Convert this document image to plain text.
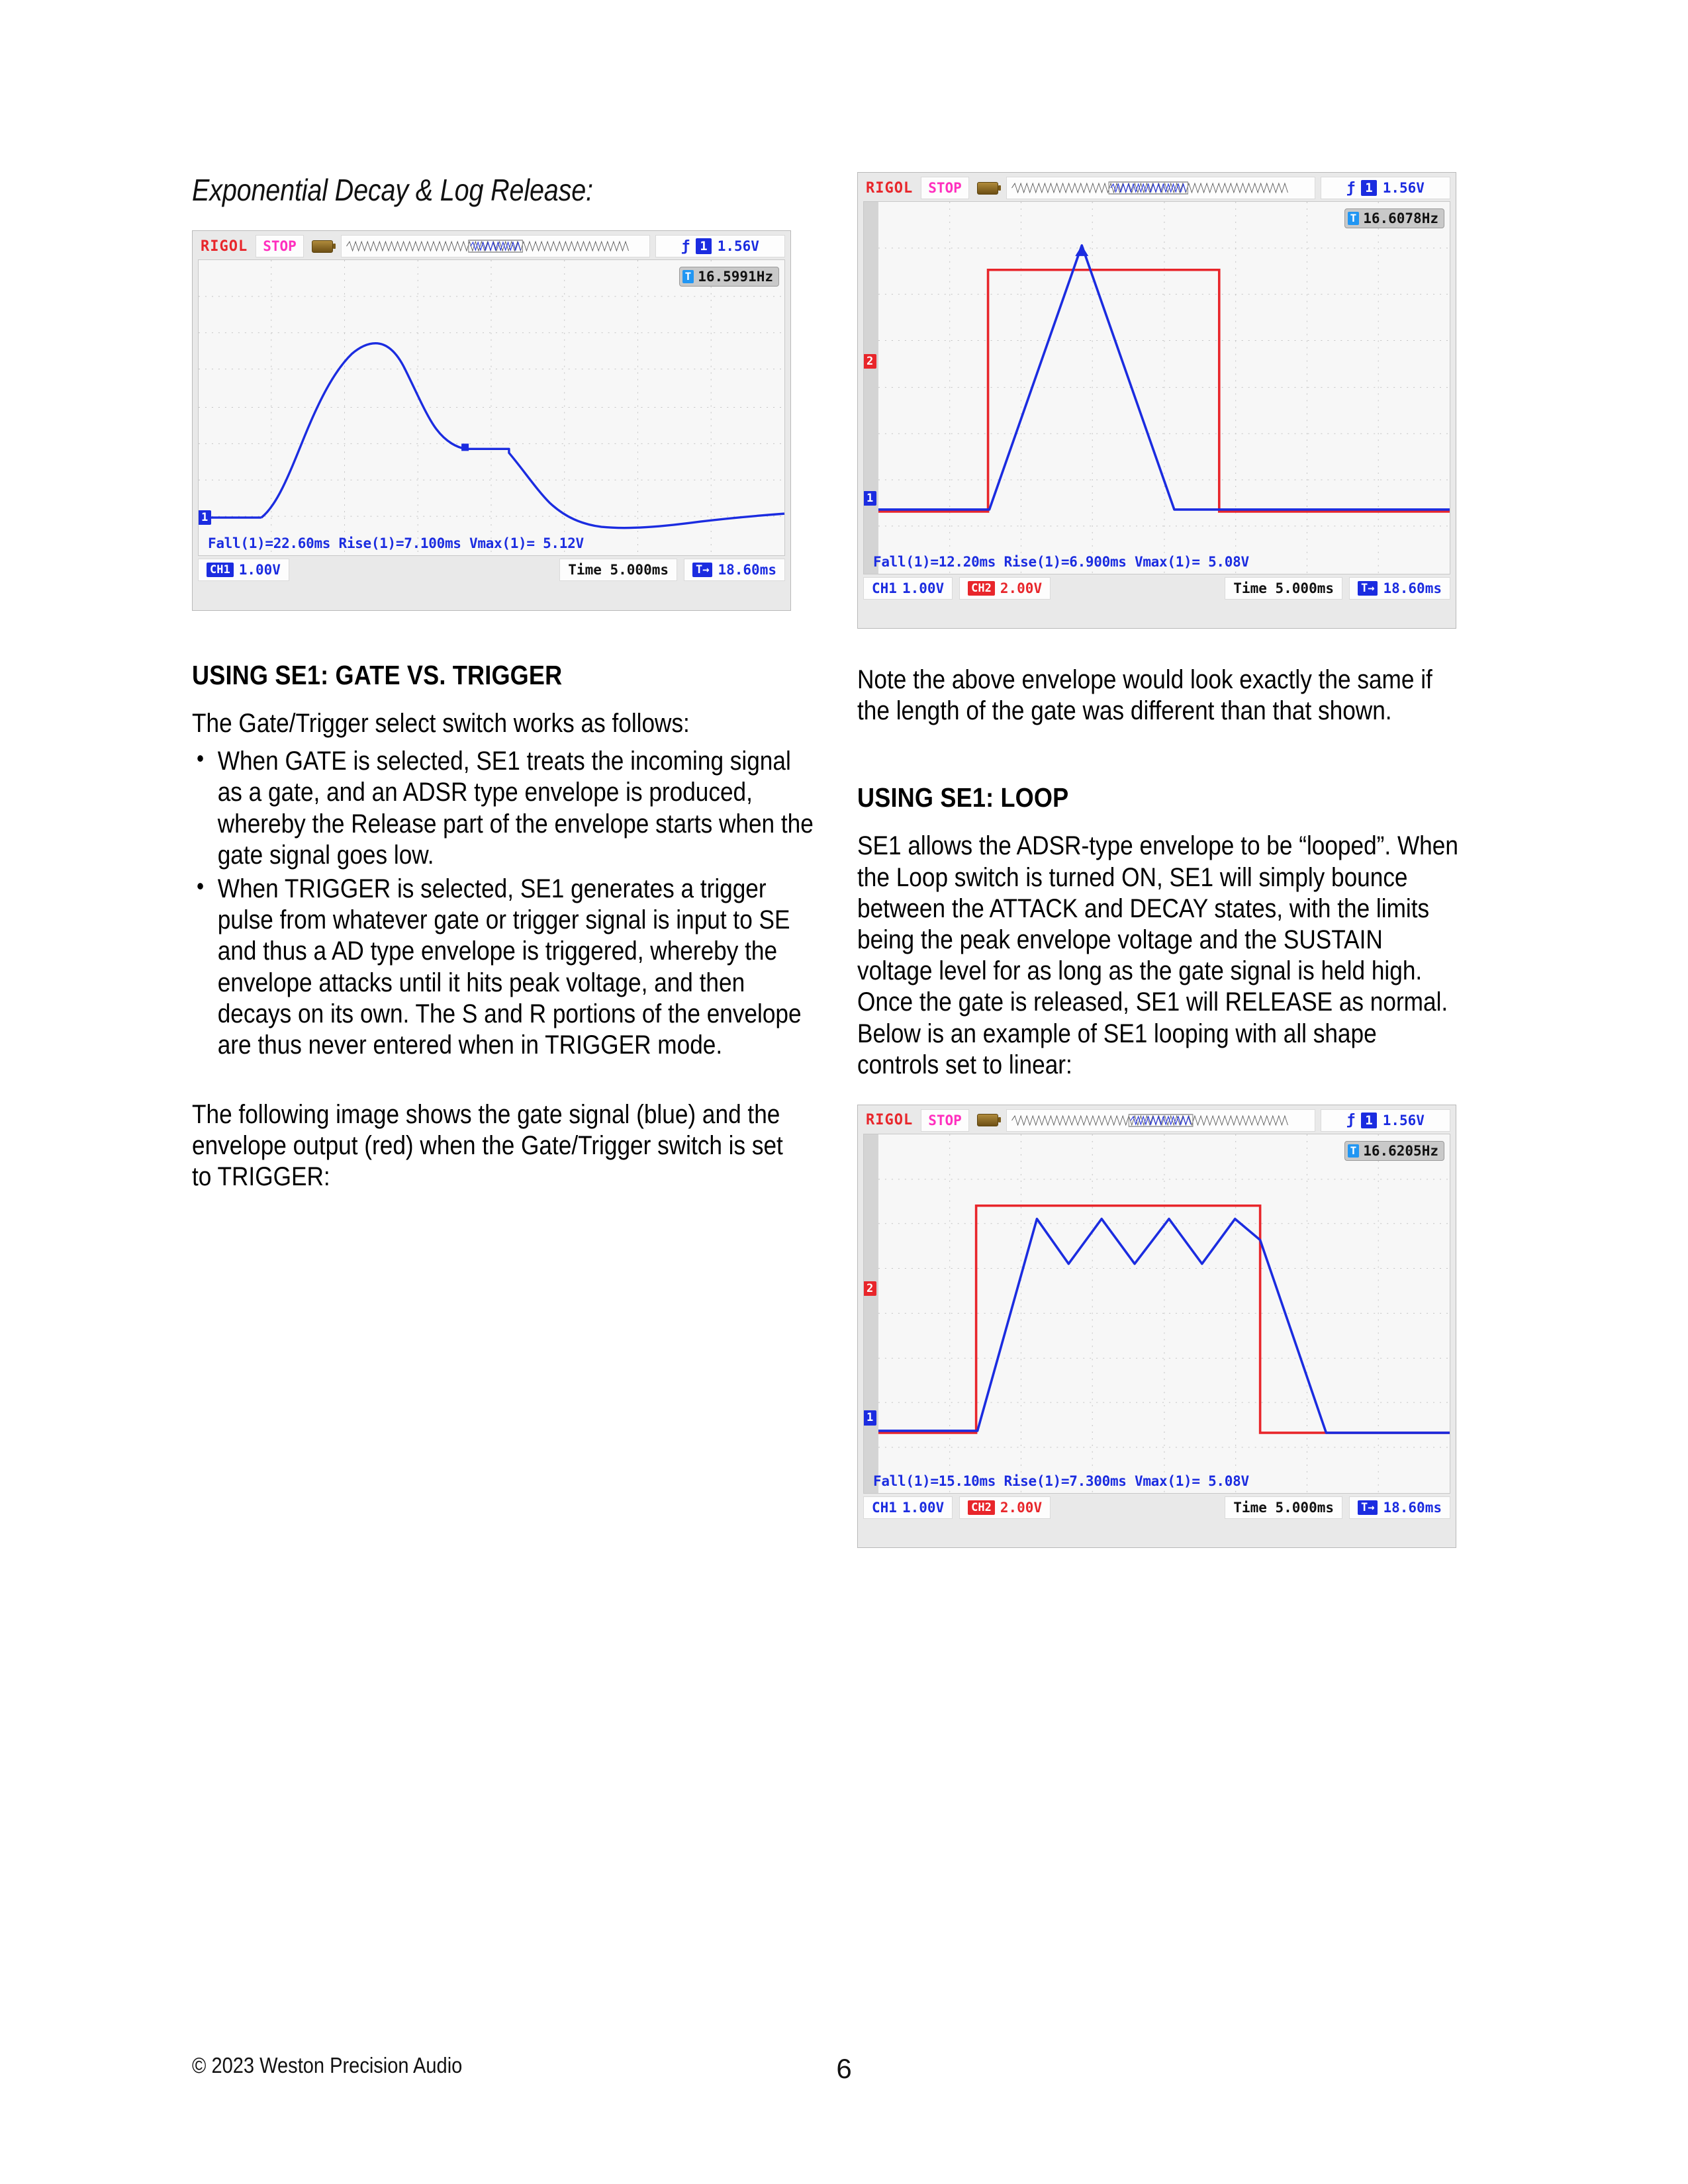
Exponential Decay & Log Release:
RIGOL	STOP	ƒ 1 1.56V
T 16.5991Hz
1
Fall(1)=22.60ms Rise(1)=7.100ms Vmax(1)= 5.12V
CH1 1.00V	Time 5.000ms T→ 18.60ms
USING SE1: GATE VS. TRIGGER

The Gate/Trigger select switch works as follows:

• When GATE is selected, SE1 treats the incoming signal as a gate, and an ADSR type envelope is produced, whereby the Release part of the envelope starts when the gate signal goes low.
• When TRIGGER is selected, SE1 generates a trigger pulse from whatever gate or trigger signal is input to SE and thus a AD type envelope is triggered, whereby the envelope attacks until it hits peak voltage, and then decays on its own. The S and R portions of the envelope are thus never entered when in TRIGGER mode.

The following image shows the gate signal (blue) and the envelope output (red) when the Gate/Trigger switch is set to TRIGGER:

RIGOL	STOP	ƒ 1 1.56V
T 16.6078Hz
2
1
Fall(1)=12.20ms Rise(1)=6.900ms Vmax(1)= 5.08V
CH1 1.00V CH2 2.00V	Time 5.000ms T→ 18.60ms

Note the above envelope would look exactly the same if the length of the gate was different than that shown.

USING SE1: LOOP

SE1 allows the ADSR-type envelope to be “looped”. When the Loop switch is turned ON, SE1 will simply bounce between the ATTACK and DECAY states, with the limits being the peak envelope voltage and the SUSTAIN voltage level for as long as the gate signal is held high. Once the gate is released, SE1 will RELEASE as normal. Below is an example of SE1 looping with all shape controls set to linear:

RIGOL	STOP	ƒ 1 1.56V
T 16.6205Hz
2
1
Fall(1)=15.10ms Rise(1)=7.300ms Vmax(1)= 5.08V
CH1 1.00V CH2 2.00V	Time 5.000ms T→ 18.60ms
© 2023 Weston Precision Audio	6
